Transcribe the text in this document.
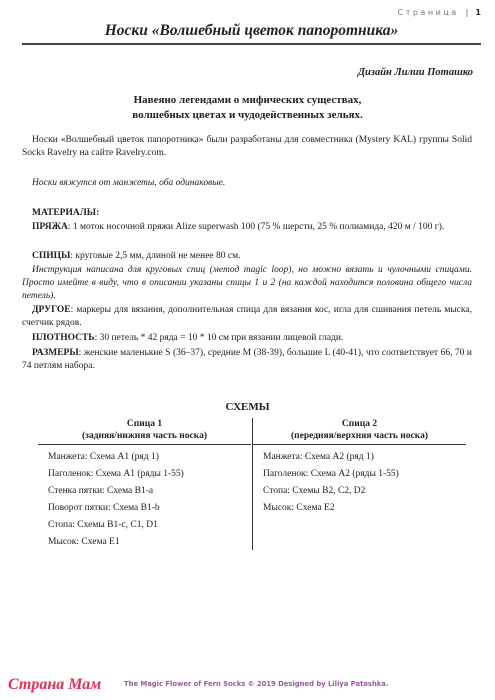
Страница | 1
Носки «Волшебный цветок папоротника»
Дизайн Лилии Поташко
Навеяно легендами о мифических существах,
волшебных цветах и чудодейственных зельях.
Носки «Волшебный цветок папоротника» были разработаны для совместника (Mystery KAL) группы Solid Socks Ravelry на сайте Ravelry.com.
Носки вяжутся от манжеты, оба одинаковые.
МАТЕРИАЛЫ:
ПРЯЖА: 1 моток носочной пряжи Alize superwash 100 (75 % шерсти, 25 % полиамида, 420 м / 100 г).
СПИЦЫ: круговые 2,5 мм, длиной не менее 80 см.
Инструкция написана для круговых спиц (метод magic loop), но можно вязать и чулочными спицами. Просто имейте в виду, что в описании указаны спицы 1 и 2 (на каждой находится половина общего числа петель).
ДРУГОЕ: маркеры для вязания, дополнительная спица для вязания кос, игла для сшивания петель мыска, счетчик рядов.
ПЛОТНОСТЬ: 30 петель * 42 ряда = 10 * 10 см при вязании лицевой глади.
РАЗМЕРЫ: женские маленькие S (36–37), средние M (38-39), большие L (40-41), что соответствует 66, 70 и 74 петлям набора.
СХЕМЫ
Спица 1
(задняя/нижняя часть носка)
Манжета: Схема A1 (ряд 1)
Паголенок: Схема A1 (ряды 1-55)
Стенка пятки: Схема B1-a
Поворот пятки: Схема B1-b
Стопа: Схемы B1-c, C1, D1
Мысок: Схема E1
Спица 2
(передняя/верхняя часть носка)
Манжета: Схема A2 (ряд 1)
Паголенок: Схема A2 (ряды 1-55)
Стопа: Схемы B2, C2, D2
Мысок: Схема E2
Страна Мам	The Magic Flower of Fern Socks © 2019 Designed by Liliya Patashka.
